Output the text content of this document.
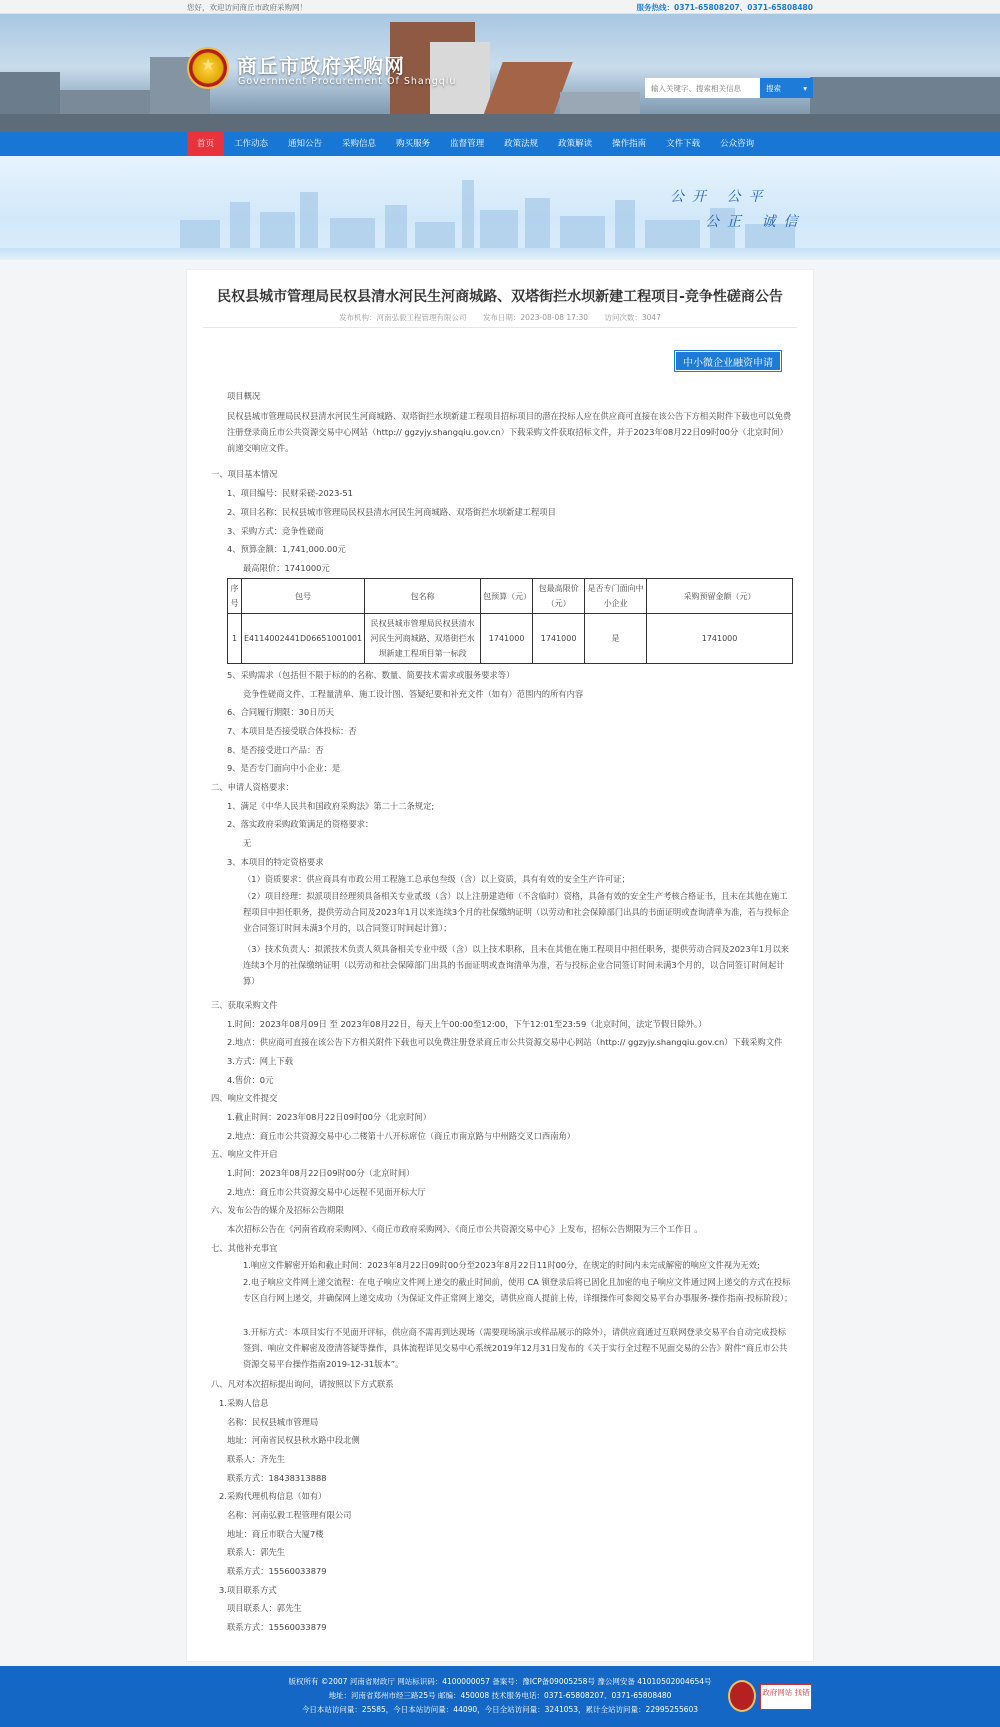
您好，欢迎访问商丘市政府采购网！	服务热线：0371-65808207、0371-65808480
★
商丘市政府采购网
Government Procurement Of Shangqiu
输入关键字、搜索相关信息
搜索	▾
首页	工作动态	通知公告	采购信息	购买服务	监督管理	政策法规	政策解读	操作指南	文件下载	公众咨询
公开 公平
公正 诚信
民权县城市管理局民权县清水河民生河商城路、双塔街拦水坝新建工程项目-竞争性磋商公告
发布机构：河南弘毅工程管理有限公司 发布日期：2023-08-08 17:30 访问次数：3047
中小微企业融资申请
项目概况
民权县城市管理局民权县清水河民生河商城路、双塔街拦水坝新建工程项目招标项目的潜在投标人应在供应商可直接在该公告下方相关附件下载也可以免费注册登录商丘市公共资源交易中心网站（http:// ggzyjy.shangqiu.gov.cn）下载采购文件获取招标文件，并于2023年08月22日09时00分（北京时间）前递交响应文件。
一、项目基本情况
1、项目编号：民财采磋-2023-51
2、项目名称：民权县城市管理局民权县清水河民生河商城路、双塔街拦水坝新建工程项目
3、采购方式：竞争性磋商
4、预算金额：1,741,000.00元
最高限价：1741000元
序号	包号	包名称	包预算（元）	包最高限价（元）	是否专门面向中小企业	采购预留金额（元）
1	E4114002441D06651001001	民权县城市管理局民权县清水河民生河商城路、双塔街拦水坝新建工程项目第一标段	1741000	1741000	是	1741000
5、采购需求（包括但不限于标的的名称、数量、简要技术需求或服务要求等）
竞争性磋商文件、工程量清单、施工设计图、答疑纪要和补充文件（如有）范围内的所有内容
6、合同履行期限：30日历天
7、本项目是否接受联合体投标：否
8、是否接受进口产品：否
9、是否专门面向中小企业：是
二、申请人资格要求：
1、满足《中华人民共和国政府采购法》第二十二条规定;
2、落实政府采购政策满足的资格要求：
无
3、本项目的特定资格要求
（1）资质要求：供应商具有市政公用工程施工总承包叁级（含）以上资质，具有有效的安全生产许可证；
（2）项目经理：拟派项目经理须具备相关专业贰级（含）以上注册建造师（不含临时）资格，具备有效的安全生产考核合格证书，且未在其他在施工程项目中担任职务，提供劳动合同及2023年1月以来连续3个月的社保缴纳证明（以劳动和社会保障部门出具的书面证明或查询清单为准，若与投标企业合同签订时间未满3个月的，以合同签订时间起计算）；
（3）技术负责人：拟派技术负责人须具备相关专业中级（含）以上技术职称，且未在其他在施工程项目中担任职务，提供劳动合同及2023年1月以来连续3个月的社保缴纳证明（以劳动和社会保障部门出具的书面证明或查询清单为准，若与投标企业合同签订时间未满3个月的，以合同签订时间起计算）
三、获取采购文件
1.时间：2023年08月09日 至 2023年08月22日，每天上午00:00至12:00，下午12:01至23:59（北京时间，法定节假日除外。）
2.地点：供应商可直接在该公告下方相关附件下载也可以免费注册登录商丘市公共资源交易中心网站（http:// ggzyjy.shangqiu.gov.cn）下载采购文件
3.方式：网上下载
4.售价：0元
四、响应文件提交
1.截止时间：2023年08月22日09时00分（北京时间）
2.地点：商丘市公共资源交易中心二楼第十八开标席位（商丘市南京路与中州路交叉口西南角）
五、响应文件开启
1.时间：2023年08月22日09时00分（北京时间）
2.地点：商丘市公共资源交易中心远程不见面开标大厅
六、发布公告的媒介及招标公告期限
本次招标公告在《河南省政府采购网》、《商丘市政府采购网》、《商丘市公共资源交易中心》上发布，招标公告期限为三个工作日 。
七、其他补充事宜
1.响应文件解密开始和截止时间：2023年8月22日09时00分至2023年8月22日11时00分，在规定的时间内未完成解密的响应文件视为无效;
2.电子响应文件网上递交流程：在电子响应文件网上递交的截止时间前，使用 CA 锁登录后将已固化且加密的电子响应文件通过网上递交的方式在投标专区自行网上递交，并确保网上递交成功（为保证文件正常网上递交，请供应商人提前上传，详细操作可参阅交易平台办事服务-操作指南-投标阶段）；
3.开标方式：本项目实行不见面开评标，供应商不需再到达现场（需要现场演示或样品展示的除外），请供应商通过互联网登录交易平台自动完成投标签到、响应文件解密及澄清答疑等操作，具体流程详见交易中心系统2019年12月31日发布的《关于实行全过程不见面交易的公告》附件“商丘市公共资源交易平台操作指南2019-12-31版本”。
八、凡对本次招标提出询问，请按照以下方式联系
1.采购人信息
名称：民权县城市管理局
地址：河南省民权县秋水路中段北侧
联系人：齐先生
联系方式：18438313888
2.采购代理机构信息（如有）
名称：河南弘毅工程管理有限公司
地址：商丘市联合大厦7楼
联系人：郭先生
联系方式：15560033879
3.项目联系方式
项目联系人：郭先生
联系方式：15560033879
版权所有 ©2007 河南省财政厅 网站标识码：4100000057 备案号：豫ICP备09005258号 豫公网安备 41010502004654号
地址：河南省郑州市经三路25号 邮编：450008 技术服务电话：0371-65808207、0371-65808480
今日本站访问量：25585，今日本站访问量：44090，今日全站访问量：3241053，累计全站访问量：22995255603
政府网站 找错
